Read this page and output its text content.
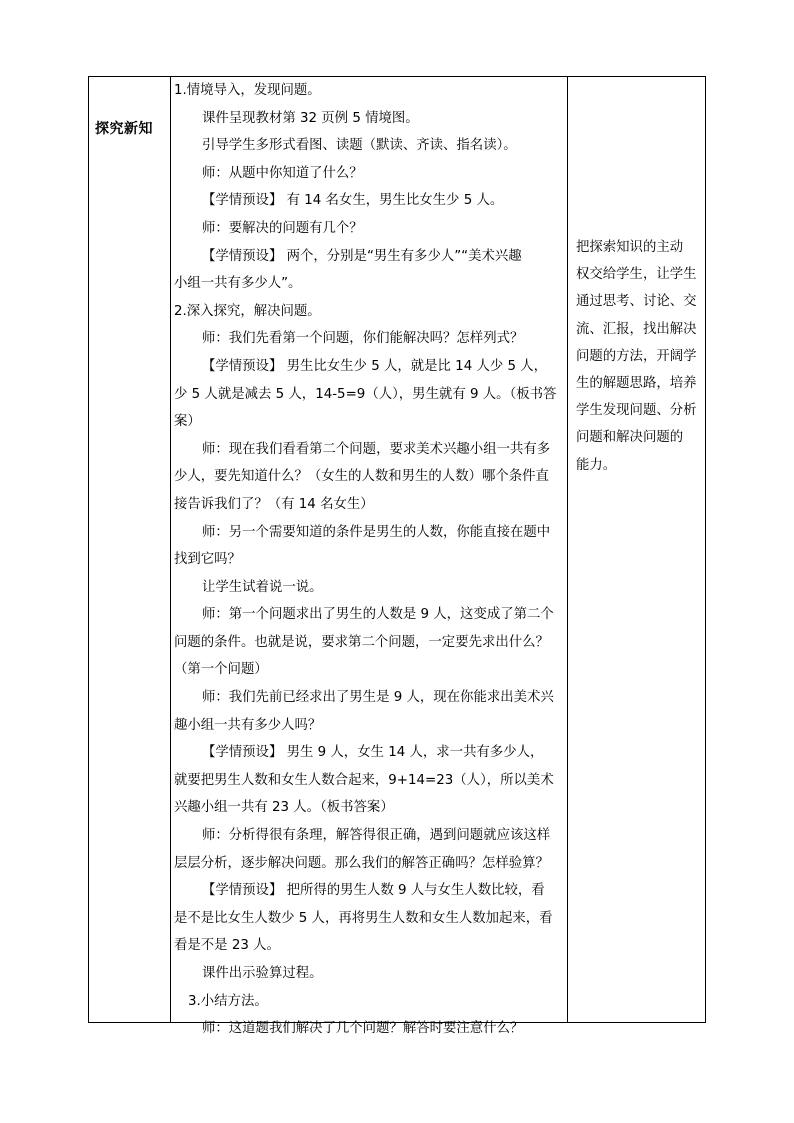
探究新知
1.情境导入，发现问题。
课件呈现教材第 32 页例 5 情境图。
引导学生多形式看图、读题（默读、齐读、指名读）。
师：从题中你知道了什么？
【学情预设】 有 14 名女生，男生比女生少 5 人。
师：要解决的问题有几个？
【学情预设】 两个，分别是“男生有多少人”“美术兴趣
小组一共有多少人”。
2.深入探究，解决问题。
师：我们先看第一个问题，你们能解决吗？怎样列式？
【学情预设】 男生比女生少 5 人，就是比 14 人少 5 人，
少 5 人就是减去 5 人，14-5=9（人），男生就有 9 人。（板书答
案）
师：现在我们看看第二个问题，要求美术兴趣小组一共有多
少人，要先知道什么？（女生的人数和男生的人数）哪个条件直
接告诉我们了？（有 14 名女生）
师：另一个需要知道的条件是男生的人数，你能直接在题中
找到它吗？
让学生试着说一说。
师：第一个问题求出了男生的人数是 9 人，这变成了第二个
问题的条件。也就是说，要求第二个问题，一定要先求出什么？
（第一个问题）
师：我们先前已经求出了男生是 9 人，现在你能求出美术兴
趣小组一共有多少人吗？
【学情预设】 男生 9 人，女生 14 人，求一共有多少人，
就要把男生人数和女生人数合起来，9+14=23（人），所以美术
兴趣小组一共有 23 人。（板书答案）
师：分析得很有条理，解答得很正确，遇到问题就应该这样
层层分析，逐步解决问题。那么我们的解答正确吗？怎样验算？
【学情预设】 把所得的男生人数 9 人与女生人数比较，看
是不是比女生人数少 5 人，再将男生人数和女生人数加起来，看
看是不是 23 人。
课件出示验算过程。
3.小结方法。
师：这道题我们解决了几个问题？解答时要注意什么？
把探索知识的主动
权交给学生，让学生
通过思考、讨论、交
流、汇报，找出解决
问题的方法，开阔学
生的解题思路，培养
学生发现问题、分析
问题和解决问题的
能力。
